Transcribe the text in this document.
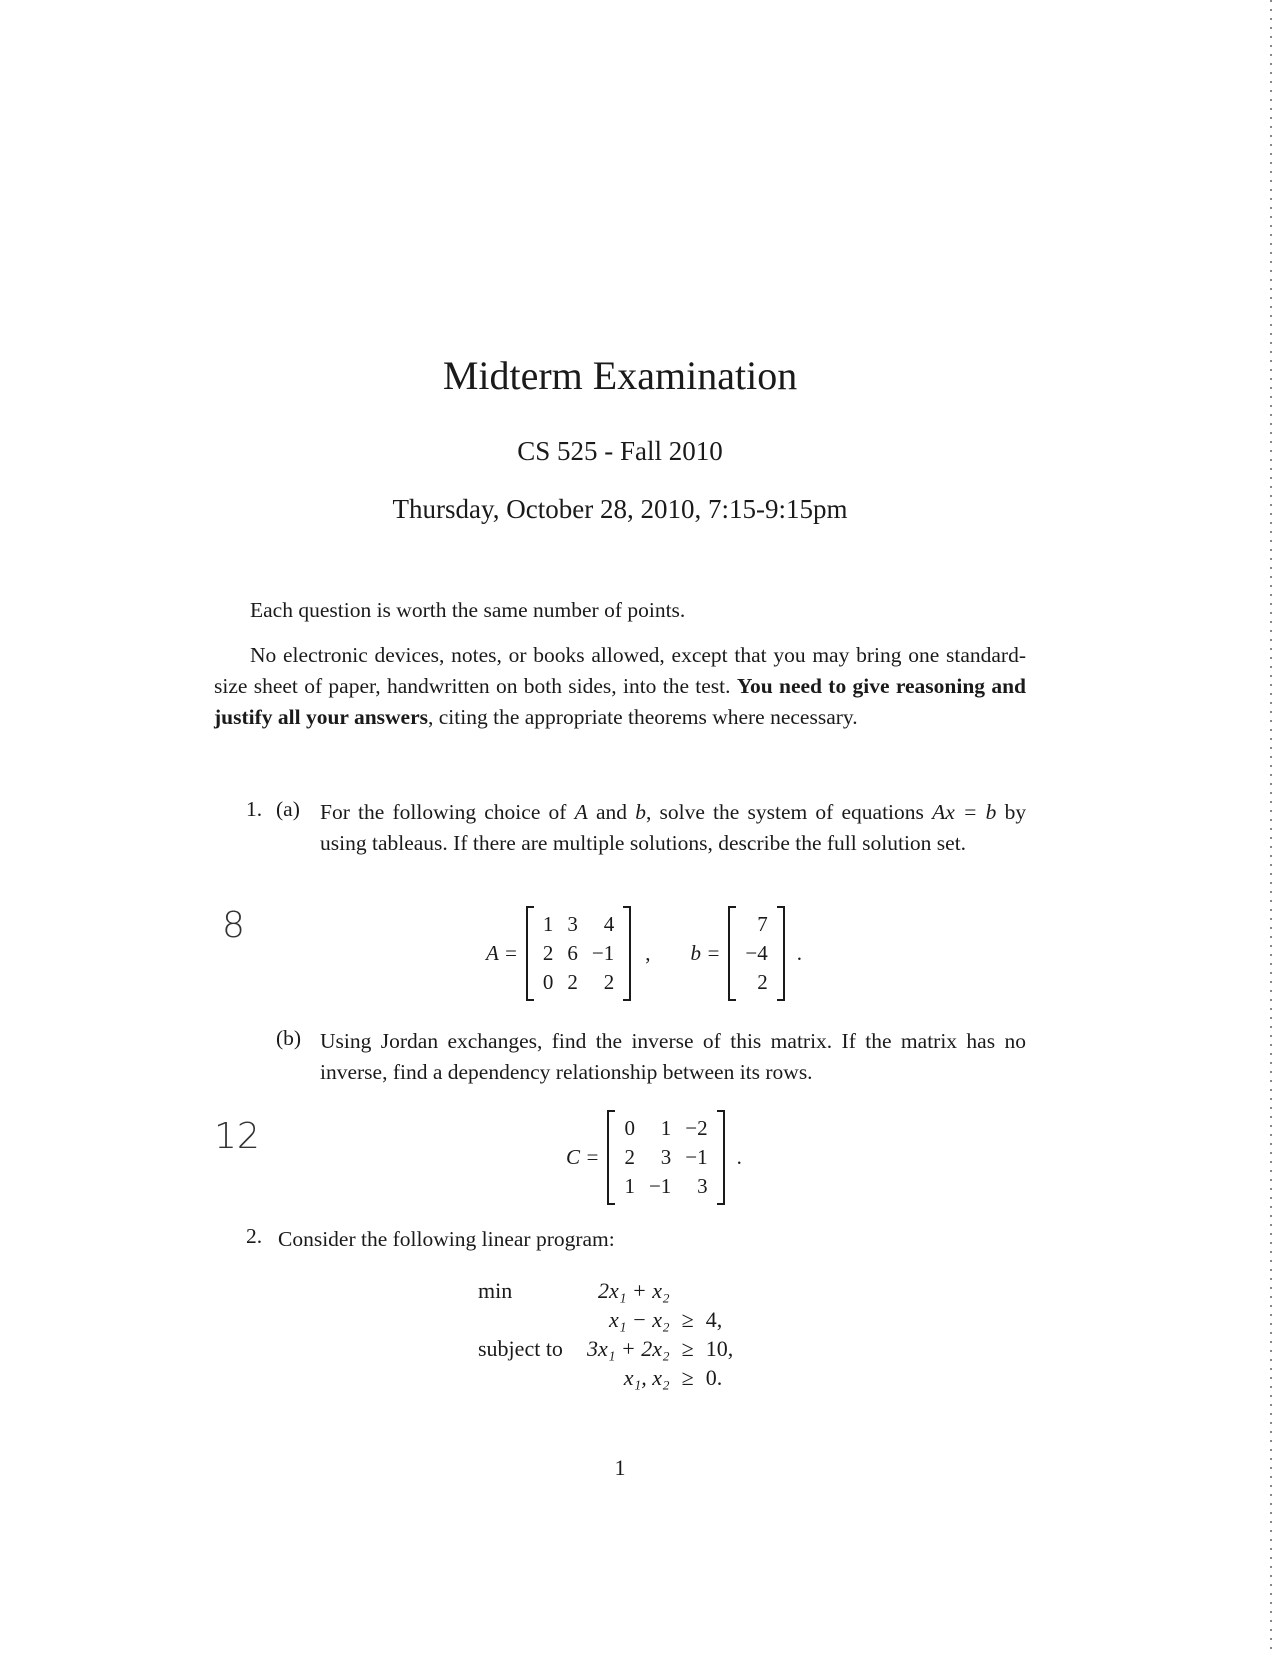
Midterm Examination
CS 525 - Fall 2010
Thursday, October 28, 2010, 7:15-9:15pm
Each question is worth the same number of points.
No electronic devices, notes, or books allowed, except that you may bring one standard-size sheet of paper, handwritten on both sides, into the test. You need to give reasoning and justify all your answers, citing the appropriate theorems where necessary.
1. (a) For the following choice of A and b, solve the system of equations Ax = b by using tableaus. If there are multiple solutions, describe the full solution set.
8
A =
1	3	4
2	6	−1
0	2	2
, b =
7
−4
2
.
(b) Using Jordan exchanges, find the inverse of this matrix. If the matrix has no inverse, find a dependency relationship between its rows.
12	C =
0	1	−2
2	3	−1
1	−1	3
.
2. Consider the following linear program:
min	2x₁ + x₂		
	x₁ − x₂	≥	4,
subject to	3x₁ + 2x₂	≥	10,
	x₁, x₂	≥	0.
1
